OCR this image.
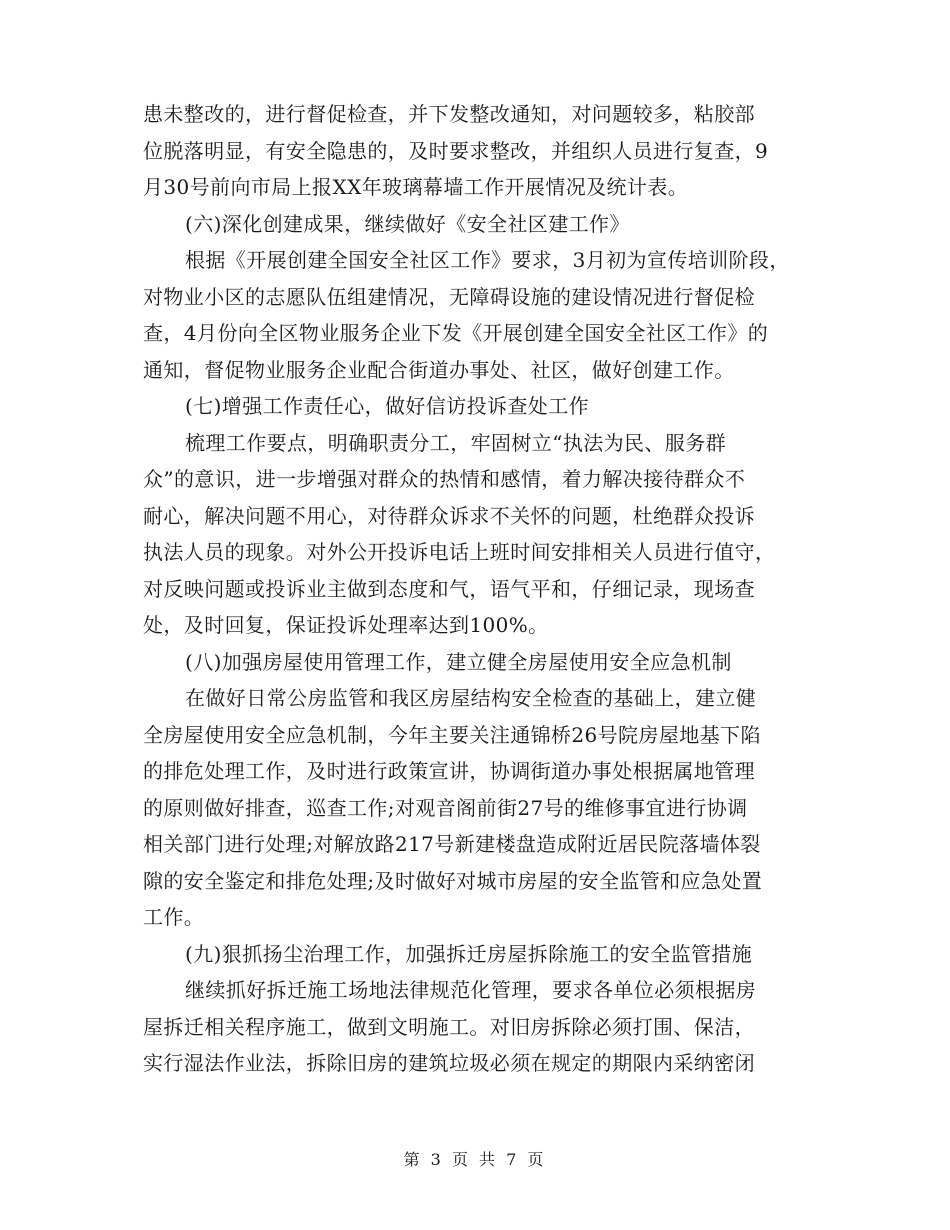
患未整改的，进行督促检查，并下发整改通知，对问题较多，粘胶部
位脱落明显，有安全隐患的，及时要求整改，并组织人员进行复查，9
月30号前向市局上报XX年玻璃幕墙工作开展情况及统计表。
(六)深化创建成果，继续做好《安全社区建工作》
根据《开展创建全国安全社区工作》要求，3月初为宣传培训阶段，
对物业小区的志愿队伍组建情况，无障碍设施的建设情况进行督促检
查，4月份向全区物业服务企业下发《开展创建全国安全社区工作》的
通知，督促物业服务企业配合街道办事处、社区，做好创建工作。
(七)增强工作责任心，做好信访投诉查处工作
梳理工作要点，明确职责分工，牢固树立“执法为民、服务群
众”的意识，进一步增强对群众的热情和感情，着力解决接待群众不
耐心，解决问题不用心，对待群众诉求不关怀的问题，杜绝群众投诉
执法人员的现象。对外公开投诉电话上班时间安排相关人员进行值守，
对反映问题或投诉业主做到态度和气，语气平和，仔细记录，现场查
处，及时回复，保证投诉处理率达到100%。
(八)加强房屋使用管理工作，建立健全房屋使用安全应急机制
在做好日常公房监管和我区房屋结构安全检查的基础上，建立健
全房屋使用安全应急机制，今年主要关注通锦桥26号院房屋地基下陷
的排危处理工作，及时进行政策宣讲，协调街道办事处根据属地管理
的原则做好排查，巡查工作;对观音阁前街27号的维修事宜进行协调
相关部门进行处理;对解放路217号新建楼盘造成附近居民院落墙体裂
隙的安全鉴定和排危处理;及时做好对城市房屋的安全监管和应急处置
工作。
(九)狠抓扬尘治理工作，加强拆迁房屋拆除施工的安全监管措施
继续抓好拆迁施工场地法律规范化管理，要求各单位必须根据房
屋拆迁相关程序施工，做到文明施工。对旧房拆除必须打围、保洁，
实行湿法作业法，拆除旧房的建筑垃圾必须在规定的期限内采纳密闭
第 3 页 共 7 页
